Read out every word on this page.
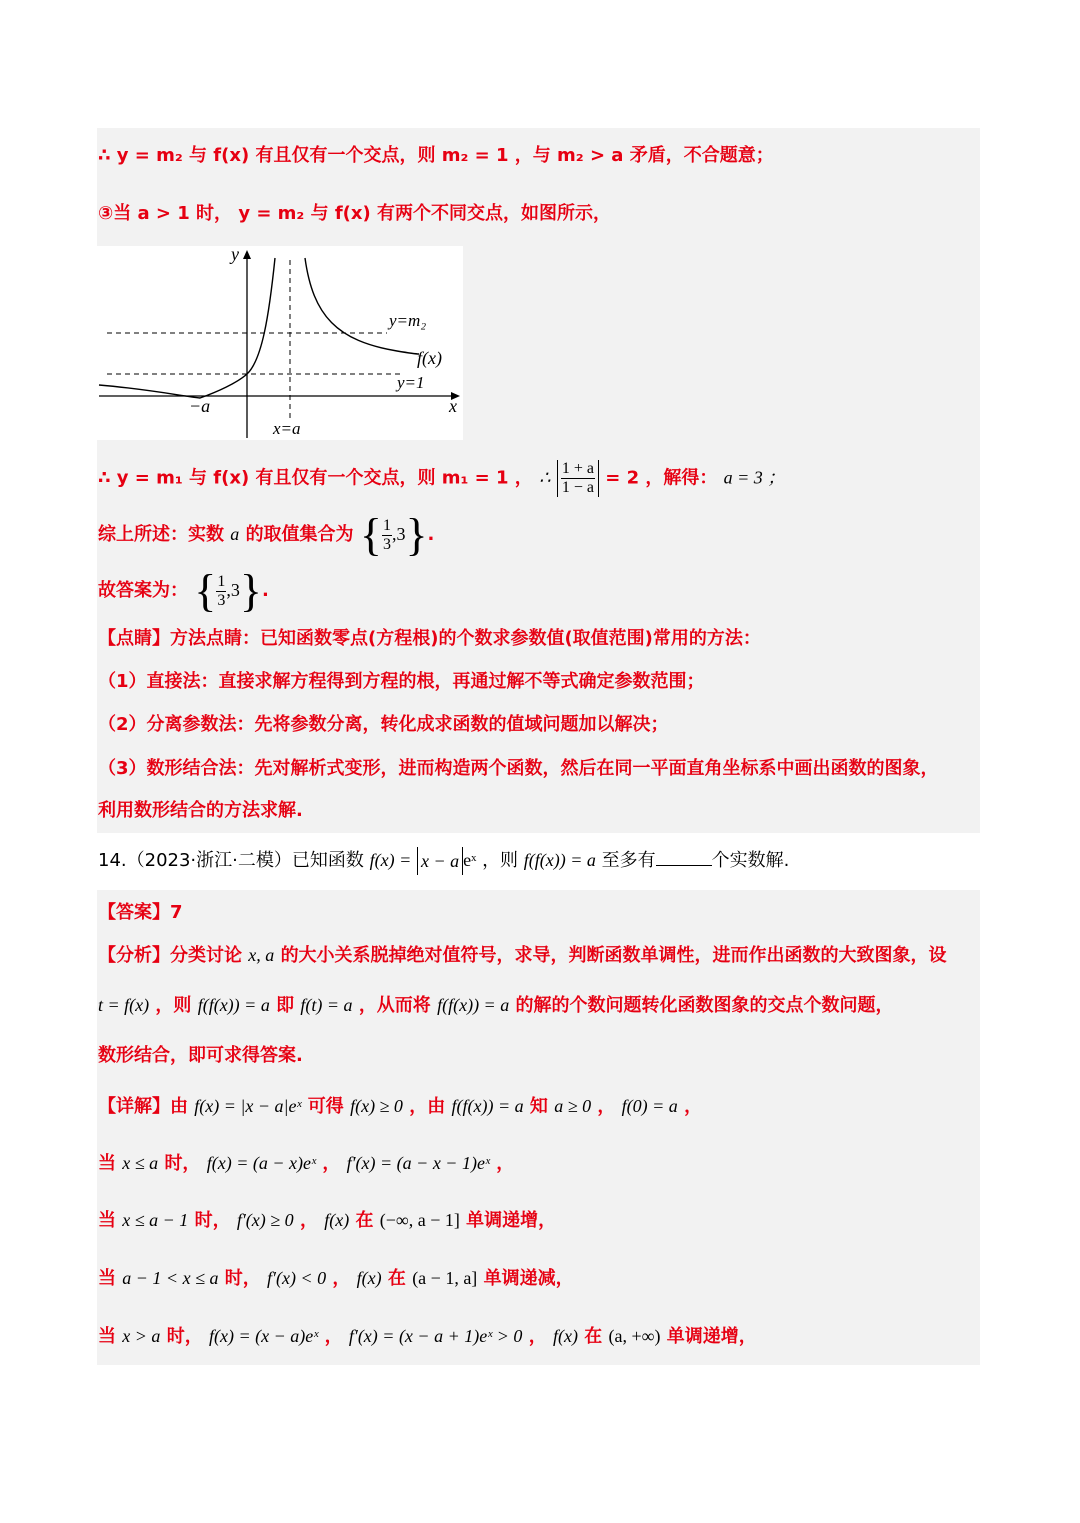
∴ y = m₂ 与 f(x) 有且仅有一个交点，则 m₂ = 1 ，与 m₂ > a 矛盾，不合题意；
③当 a > 1 时， y = m₂ 与 f(x) 有两个不同交点，如图所示，
y
x
y=m₂
f(x)
y=1
−a
x=a
∴ y = m₁ 与 f(x) 有且仅有一个交点，则 m₁ = 1 ， ∴ $\frac{1 + a}{1 - a} = 2$ ，解得： a = 3 ；
综上所述：实数 a 的取值集合为 { $\frac{1}{3} ,3$}.
故答案为： { $\frac{1}{3} ,3$}.
【点睛】方法点睛：已知函数零点(方程根)的个数求参数值(取值范围)常用的方法：
（1）直接法：直接求解方程得到方程的根，再通过解不等式确定参数范围；
（2）分离参数法：先将参数分离，转化成求函数的值域问题加以解决；
（3）数形结合法：先对解析式变形，进而构造两个函数，然后在同一平面直角坐标系中画出函数的图象，
利用数形结合的方法求解.
14.（2023·浙江·二模）已知函数 f(x) = x − a eˣ ，则 f(f(x)) = a 至多有	个实数解.
【答案】7
【分析】分类讨论 x, a 的大小关系脱掉绝对值符号，求导，判断函数单调性，进而作出函数的大致图象，设
t = f(x) ，则 f(f(x)) = a 即 f(t) = a ，从而将 f(f(x)) = a 的解的个数问题转化函数图象的交点个数问题，
数形结合，即可求得答案.
【详解】由 f(x) = |x − a|eˣ 可得 f(x) ≥ 0 ，由 f(f(x)) = a 知 a ≥ 0 ， f(0) = a ，
当 x ≤ a 时， f(x) = (a − x)eˣ ， f′(x) = (a − x − 1)eˣ ，
当 x ≤ a − 1 时， f′(x) ≥ 0 ， f(x) 在 (−∞, a − 1] 单调递增，
当 a − 1 < x ≤ a 时， f′(x) < 0 ， f(x) 在 (a − 1, a] 单调递减，
当 x > a 时， f(x) = (x − a)eˣ ， f′(x) = (x − a + 1)eˣ > 0 ， f(x) 在 (a, +∞) 单调递增，
